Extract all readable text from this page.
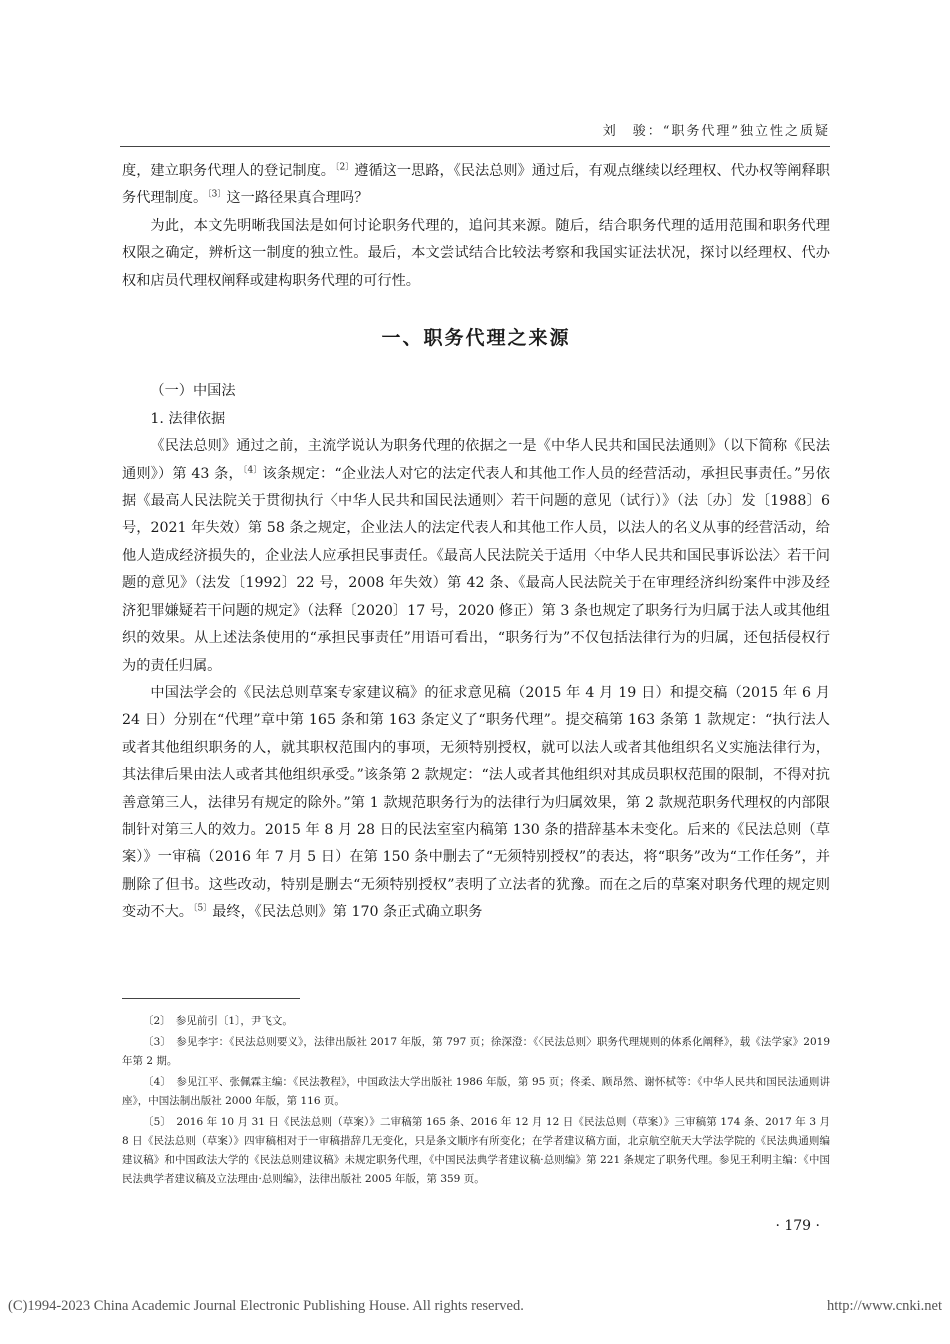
刘　骏：“职务代理”独立性之质疑

度，建立职务代理人的登记制度。$^{〔2〕}$遵循这一思路，《民法总则》通过后，有观点继续以经理权、代办权等阐释职务代理制度。$^{〔3〕}$这一路径果真合理吗？

为此，本文先明晰我国法是如何讨论职务代理的，追问其来源。随后，结合职务代理的适用范围和职务代理权限之确定，辨析这一制度的独立性。最后，本文尝试结合比较法考察和我国实证法状况，探讨以经理权、代办权和店员代理权阐释或建构职务代理的可行性。

一、职务代理之来源

（一）中国法

1. 法律依据

《民法总则》通过之前，主流学说认为职务代理的依据之一是《中华人民共和国民法通则》（以下简称《民法通则》）第 43 条，$^{〔4〕}$该条规定：“企业法人对它的法定代表人和其他工作人员的经营活动，承担民事责任。”另依据《最高人民法院关于贯彻执行〈中华人民共和国民法通则〉若干问题的意见（试行）》（法〔办〕发〔1988〕6 号，2021 年失效）第 58 条之规定，企业法人的法定代表人和其他工作人员，以法人的名义从事的经营活动，给他人造成经济损失的，企业法人应承担民事责任。《最高人民法院关于适用〈中华人民共和国民事诉讼法〉若干问题的意见》（法发〔1992〕22 号，2008 年失效）第 42 条、《最高人民法院关于在审理经济纠纷案件中涉及经济犯罪嫌疑若干问题的规定》（法释〔2020〕17 号，2020 修正）第 3 条也规定了职务行为归属于法人或其他组织的效果。从上述法条使用的“承担民事责任”用语可看出，“职务行为”不仅包括法律行为的归属，还包括侵权行为的责任归属。

中国法学会的《民法总则草案专家建议稿》的征求意见稿（2015 年 4 月 19 日）和提交稿（2015 年 6 月 24 日）分别在“代理”章中第 165 条和第 163 条定义了“职务代理”。提交稿第 163 条第 1 款规定：“执行法人或者其他组织职务的人，就其职权范围内的事项，无须特别授权，就可以法人或者其他组织名义实施法律行为，其法律后果由法人或者其他组织承受。”该条第 2 款规定：“法人或者其他组织对其成员职权范围的限制，不得对抗善意第三人，法律另有规定的除外。”第 1 款规范职务行为的法律行为归属效果，第 2 款规范职务代理权的内部限制针对第三人的效力。2015 年 8 月 28 日的民法室室内稿第 130 条的措辞基本未变化。后来的《民法总则（草案）》一审稿（2016 年 7 月 5 日）在第 150 条中删去了“无须特别授权”的表达，将“职务”改为“工作任务”，并删除了但书。这些改动，特别是删去“无须特别授权”表明了立法者的犹豫。而在之后的草案对职务代理的规定则变动不大。$^{〔5〕}$最终，《民法总则》第 170 条正式确立职务

〔2〕　参见前引〔1〕，尹飞文。

〔3〕　参见李宇：《民法总则要义》，法律出版社 2017 年版，第 797 页；徐深澄：《〈民法总则〉职务代理规则的体系化阐释》，载《法学家》2019 年第 2 期。

〔4〕　参见江平、张佩霖主编：《民法教程》，中国政法大学出版社 1986 年版，第 95 页；佟柔、顾昂然、谢怀栻等：《中华人民共和国民法通则讲座》，中国法制出版社 2000 年版，第 116 页。

〔5〕　2016 年 10 月 31 日《民法总则（草案）》二审稿第 165 条、2016 年 12 月 12 日《民法总则（草案）》三审稿第 174 条、2017 年 3 月 8 日《民法总则（草案）》四审稿相对于一审稿措辞几无变化，只是条文顺序有所变化；在学者建议稿方面，北京航空航天大学法学院的《民法典通则编建议稿》和中国政法大学的《民法总则建议稿》未规定职务代理，《中国民法典学者建议稿·总则编》第 221 条规定了职务代理。参见王利明主编：《中国民法典学者建议稿及立法理由·总则编》，法律出版社 2005 年版，第 359 页。

· 179 ·
(C)1994-2023 China Academic Journal Electronic Publishing House. All rights reserved.	http://www.cnki.net
